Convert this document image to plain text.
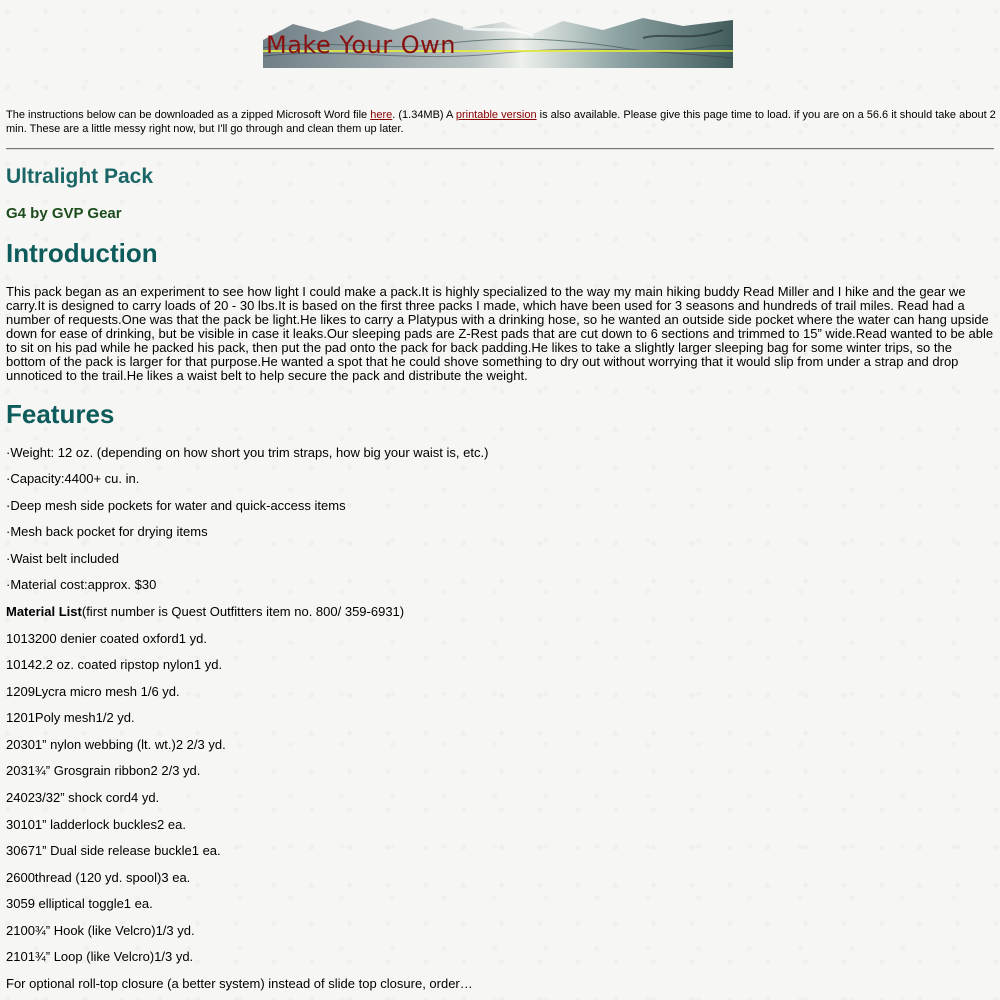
Make Your Own
The instructions below can be downloaded as a zipped Microsoft Word file here. (1.34MB) A printable version is also available. Please give this page time to load. if you are on a 56.6 it should take about 2 min. These are a little messy right now, but I'll go through and clean them up later.
Ultralight Pack
G4 by GVP Gear
Introduction

This pack began as an experiment to see how light I could make a pack.It is highly specialized to the way my main hiking buddy Read Miller and I hike and the gear we carry.It is designed to carry loads of 20 - 30 lbs.It is based on the first three packs I made, which have been used for 3 seasons and hundreds of trail miles. Read had a number of requests.One was that the pack be light.He likes to carry a Platypus with a drinking hose, so he wanted an outside side pocket where the water can hang upside down for ease of drinking, but be visible in case it leaks.Our sleeping pads are Z-Rest pads that are cut down to 6 sections and trimmed to 15” wide.Read wanted to be able to sit on his pad while he packed his pack, then put the pad onto the pack for back padding.He likes to take a slightly larger sleeping bag for some winter trips, so the bottom of the pack is larger for that purpose.He wanted a spot that he could shove something to dry out without worrying that it would slip from under a strap and drop unnoticed to the trail.He likes a waist belt to help secure the pack and distribute the weight.

Features

·Weight: 12 oz. (depending on how short you trim straps, how big your waist is, etc.)

·Capacity:4400+ cu. in.

·Deep mesh side pockets for water and quick-access items

·Mesh back pocket for drying items

·Waist belt included

·Material cost:approx. $30

Material List(first number is Quest Outfitters item no. 800/ 359-6931)

1013200 denier coated oxford1 yd.

10142.2 oz. coated ripstop nylon1 yd.

1209Lycra micro mesh 1/6 yd.

1201Poly mesh1/2 yd.

20301” nylon webbing (lt. wt.)2 2/3 yd.

2031¾” Grosgrain ribbon2 2/3 yd.

24023/32” shock cord4 yd.

30101” ladderlock buckles2 ea.

30671” Dual side release buckle1 ea.

2600thread (120 yd. spool)3 ea.

3059 elliptical toggle1 ea.

2100¾” Hook (like Velcro)1/3 yd.

2101¾” Loop (like Velcro)1/3 yd.

For optional roll-top closure (a better system) instead of slide top closure, order…
